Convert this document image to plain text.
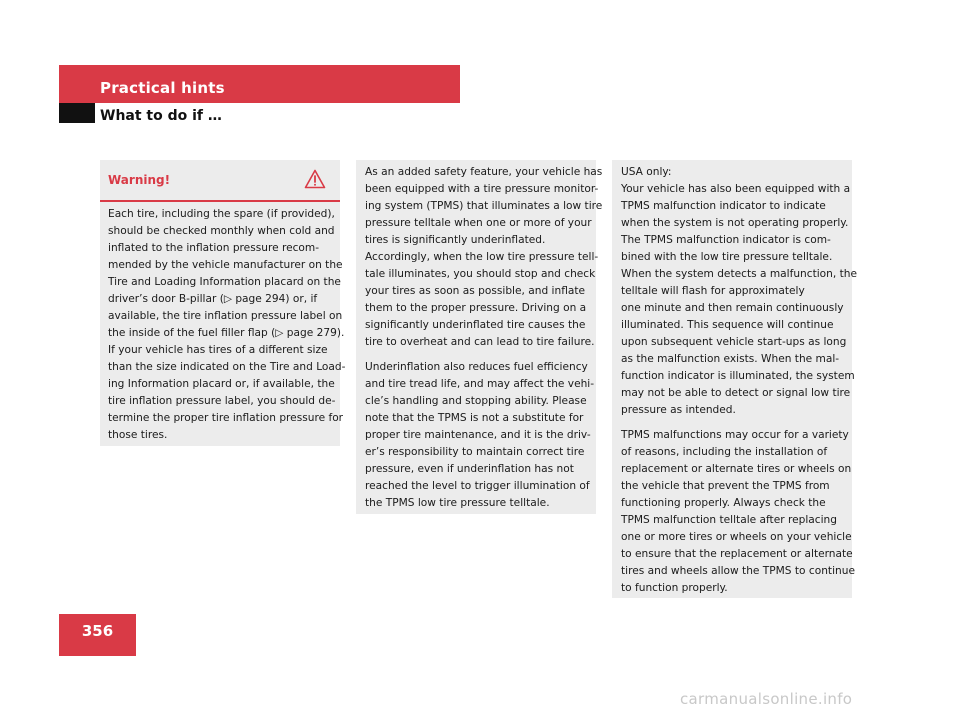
Practical hints
What to do if …
Warning!
Each tire, including the spare (if provided),
should be checked monthly when cold and
inflated to the inflation pressure recom-
mended by the vehicle manufacturer on the
Tire and Loading Information placard on the
driver’s door B-pillar (▷ page 294) or, if
available, the tire inflation pressure label on
the inside of the fuel filler flap (▷ page 279).
If your vehicle has tires of a different size
than the size indicated on the Tire and Load-
ing Information placard or, if available, the
tire inflation pressure label, you should de-
termine the proper tire inflation pressure for
those tires.

As an added safety feature, your vehicle has
been equipped with a tire pressure monitor-
ing system (TPMS) that illuminates a low tire
pressure telltale when one or more of your
tires is significantly underinflated.
Accordingly, when the low tire pressure tell-
tale illuminates, you should stop and check
your tires as soon as possible, and inflate
them to the proper pressure. Driving on a
significantly underinflated tire causes the
tire to overheat and can lead to tire failure.

Underinflation also reduces fuel efficiency
and tire tread life, and may affect the vehi-
cle’s handling and stopping ability. Please
note that the TPMS is not a substitute for
proper tire maintenance, and it is the driv-
er’s responsibility to maintain correct tire
pressure, even if underinflation has not
reached the level to trigger illumination of
the TPMS low tire pressure telltale.

USA only:
Your vehicle has also been equipped with a
TPMS malfunction indicator to indicate
when the system is not operating properly.
The TPMS malfunction indicator is com-
bined with the low tire pressure telltale.
When the system detects a malfunction, the
telltale will flash for approximately
one minute and then remain continuously
illuminated. This sequence will continue
upon subsequent vehicle start-ups as long
as the malfunction exists. When the mal-
function indicator is illuminated, the system
may not be able to detect or signal low tire
pressure as intended.

TPMS malfunctions may occur for a variety
of reasons, including the installation of
replacement or alternate tires or wheels on
the vehicle that prevent the TPMS from
functioning properly. Always check the
TPMS malfunction telltale after replacing
one or more tires or wheels on your vehicle
to ensure that the replacement or alternate
tires and wheels allow the TPMS to continue
to function properly.

356
carmanualsonline.info
